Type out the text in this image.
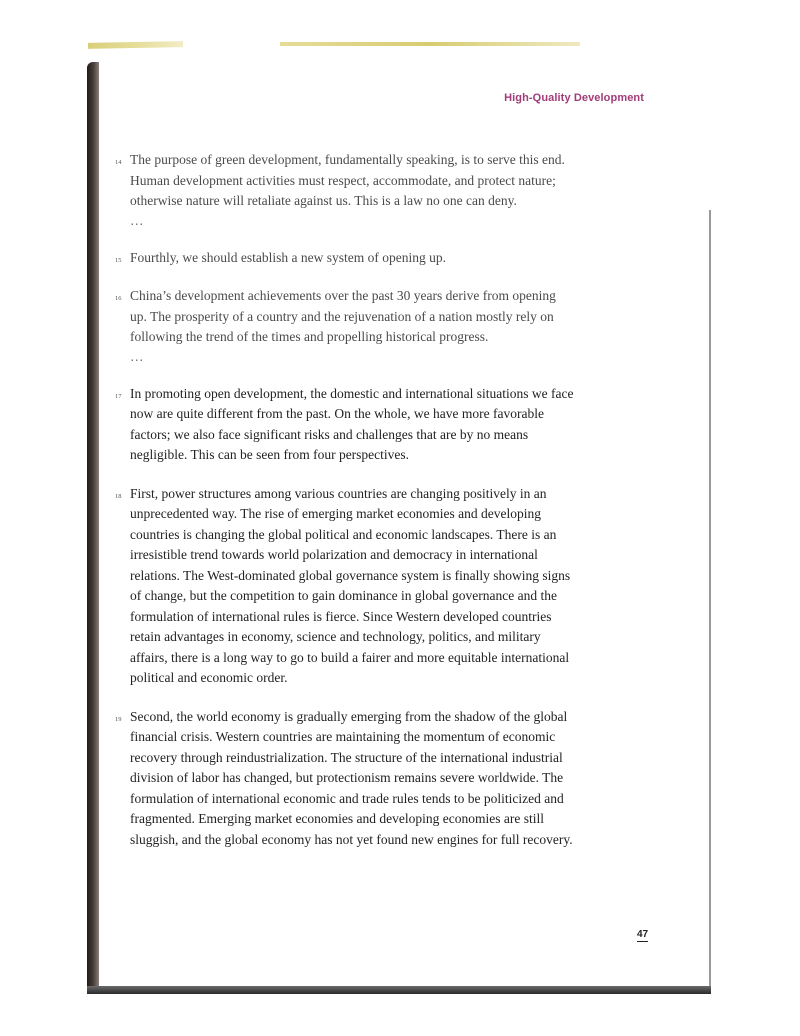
High-Quality Development
14 The purpose of green development, fundamentally speaking, is to serve this end. Human development activities must respect, accommodate, and protect nature; otherwise nature will retaliate against us. This is a law no one can deny.
…
15 Fourthly, we should establish a new system of opening up.
16 China’s development achievements over the past 30 years derive from opening up. The prosperity of a country and the rejuvenation of a nation mostly rely on following the trend of the times and propelling historical progress.
…
17 In promoting open development, the domestic and international situations we face now are quite different from the past. On the whole, we have more favorable factors; we also face significant risks and challenges that are by no means negligible. This can be seen from four perspectives.
18 First, power structures among various countries are changing positively in an unprecedented way. The rise of emerging market economies and developing countries is changing the global political and economic landscapes. There is an irresistible trend towards world polarization and democracy in international relations. The West-dominated global governance system is finally showing signs of change, but the competition to gain dominance in global governance and the formulation of international rules is fierce. Since Western developed countries retain advantages in economy, science and technology, politics, and military affairs, there is a long way to go to build a fairer and more equitable international political and economic order.
19 Second, the world economy is gradually emerging from the shadow of the global financial crisis. Western countries are maintaining the momentum of economic recovery through reindustrialization. The structure of the international industrial division of labor has changed, but protectionism remains severe worldwide. The formulation of international economic and trade rules tends to be politicized and fragmented. Emerging market economies and developing economies are still sluggish, and the global economy has not yet found new engines for full recovery.
47
